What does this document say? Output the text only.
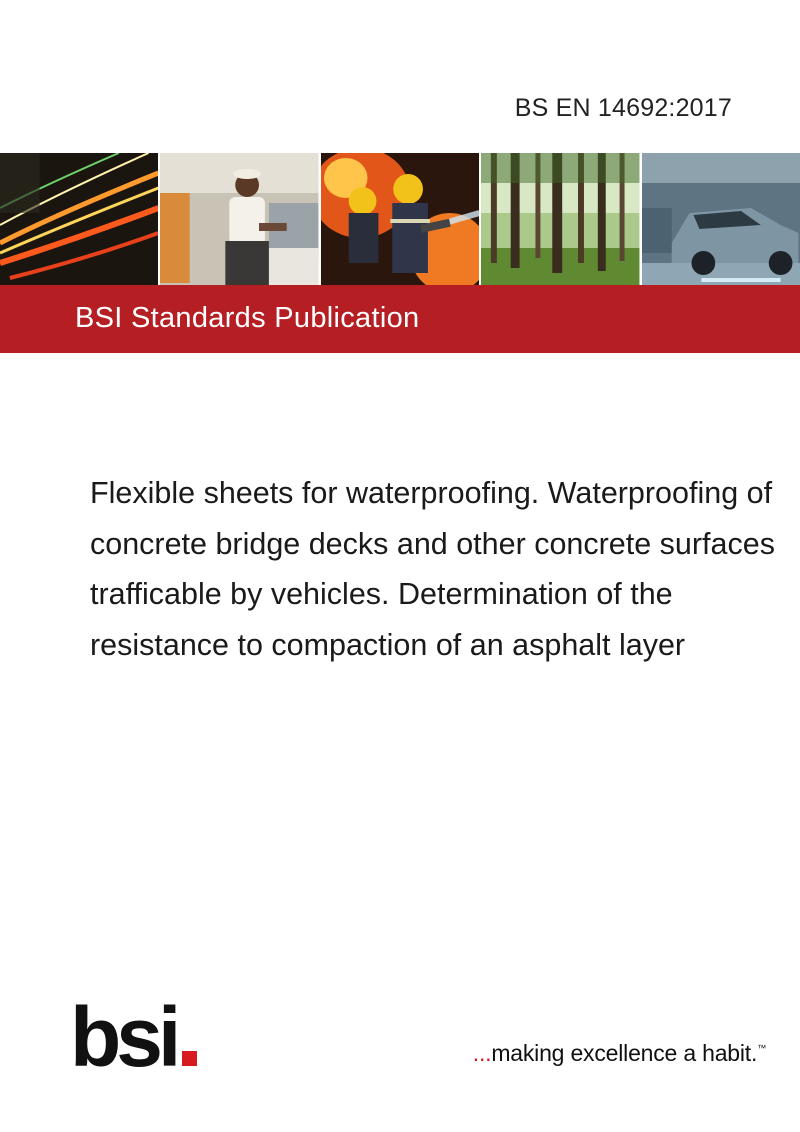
BS EN 14692:2017
BSI Standards Publication
Flexible sheets for waterproofing. Waterproofing of concrete bridge decks and other concrete surfaces trafficable by vehicles. Determination of the resistance to compaction of an asphalt layer
bsi	...making excellence a habit.™
